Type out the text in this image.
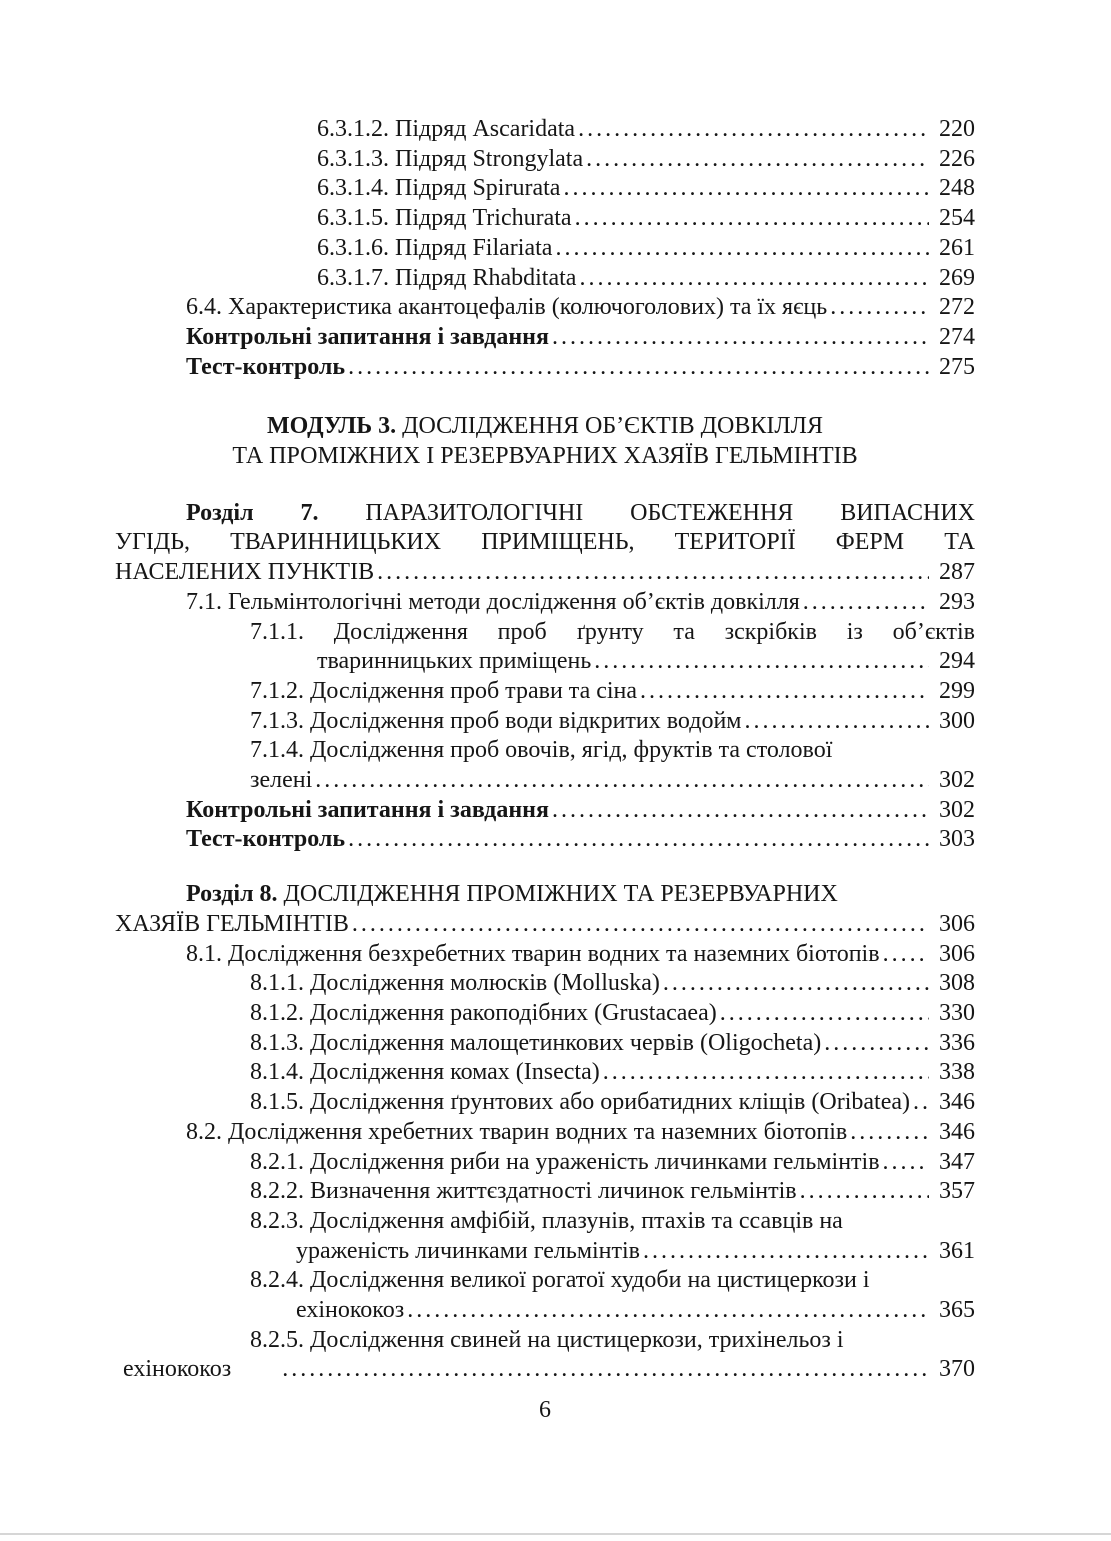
6.3.1.2. Підряд Ascaridata .....	220
6.3.1.3. Підряд Strongylata .....	226
6.3.1.4. Підряд Spirurata .....	248
6.3.1.5. Підряд Trichurata .....	254
6.3.1.6. Підряд Filariata .....	261
6.3.1.7. Підряд Rhabditata .....	269
6.4. Характеристика акантоцефалів (колючоголових) та їх яєць .....	272
Контрольні запитання і завдання .....	274
Тест-контроль .....	275
МОДУЛЬ 3. ДОСЛІДЖЕННЯ ОБ’ЄКТІВ ДОВКІЛЛЯ
ТА ПРОМІЖНИХ І РЕЗЕРВУАРНИХ ХАЗЯЇВ ГЕЛЬМІНТІВ
Розділ 7. ПАРАЗИТОЛОГІЧНІ ОБСТЕЖЕННЯ ВИПАСНИХ
УГІДЬ, ТВАРИННИЦЬКИХ ПРИМІЩЕНЬ, ТЕРИТОРІЇ ФЕРМ ТА
НАСЕЛЕНИХ ПУНКТІВ .....	287
7.1. Гельмінтологічні методи дослідження об’єктів довкілля .....	293
7.1.1. Дослідження проб ґрунту та зскрібків із об’єктів
тваринницьких приміщень .....	294
7.1.2. Дослідження проб трави та сіна .....	299
7.1.3. Дослідження проб води відкритих водойм .....	300
7.1.4. Дослідження проб овочів, ягід, фруктів та столової
зелені .....	302
Контрольні запитання і завдання .....	302
Тест-контроль .....	303
Розділ 8. ДОСЛІДЖЕННЯ ПРОМІЖНИХ ТА РЕЗЕРВУАРНИХ
ХАЗЯЇВ ГЕЛЬМІНТІВ .....	306
8.1. Дослідження безхребетних тварин водних та наземних біотопів ..... 306
8.1.1. Дослідження молюсків (Molluska) .....	308
8.1.2. Дослідження ракоподібних (Grustacaea) .....	330
8.1.3. Дослідження малощетинкових червів (Oligocheta) .....	336
8.1.4. Дослідження комах (Insecta) .....	338
8.1.5. Дослідження ґрунтових або орибатидних кліщів (Oribatea) ..... 346
8.2. Дослідження хребетних тварин водних та наземних біотопів .....	346
8.2.1. Дослідження риби на ураженість личинками гельмінтів ..... 347
8.2.2. Визначення життєздатності личинок гельмінтів .....	357
8.2.3. Дослідження амфібій, плазунів, птахів та ссавців на
ураженість личинками гельмінтів .....	361
8.2.4. Дослідження великої рогатої худоби на цистицеркози і
ехінококоз .....	365
8.2.5. Дослідження свиней на цистицеркози, трихінельоз і
ехінококоз .....	370
6
